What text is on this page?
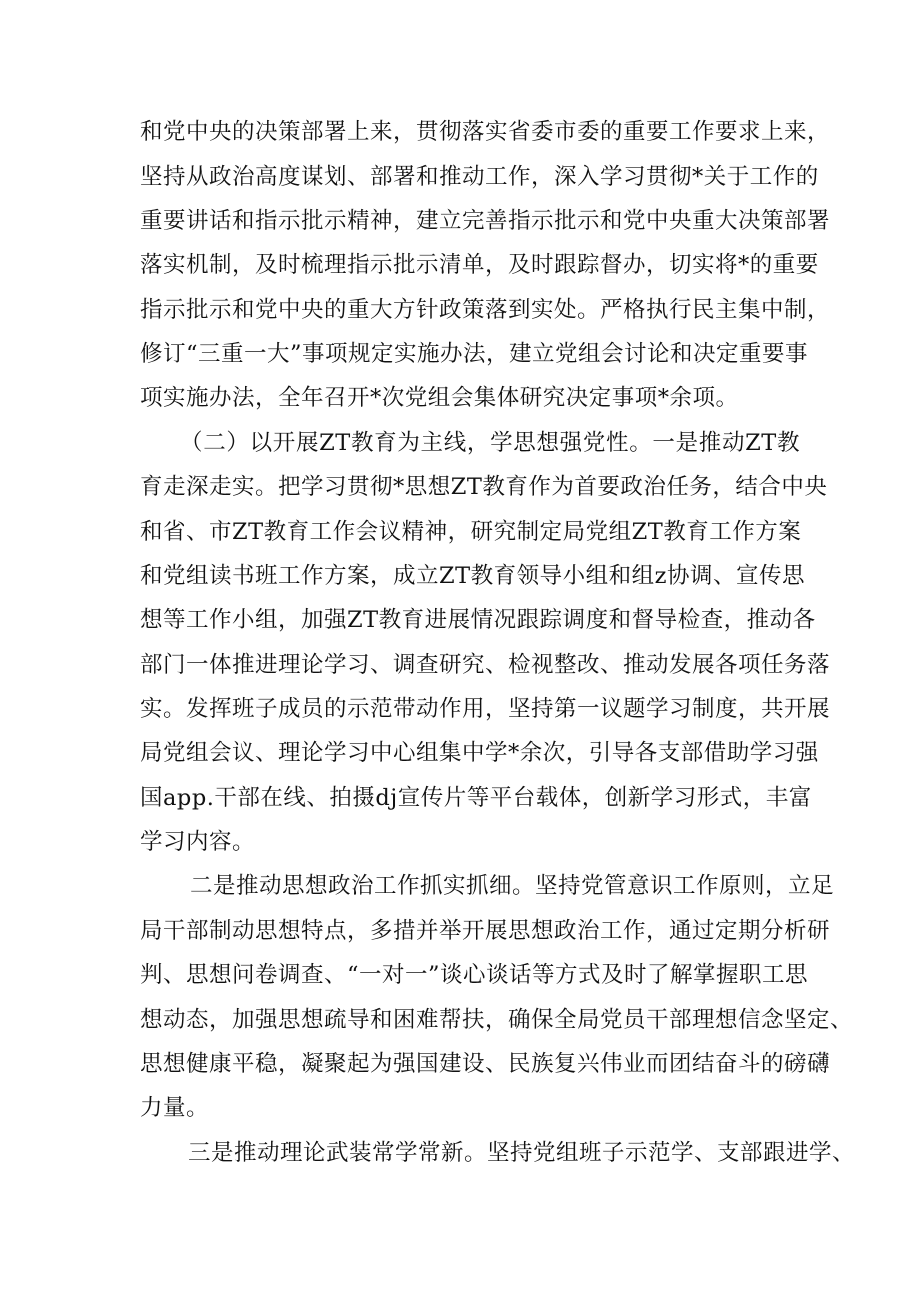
和党中央的决策部署上来，贯彻落实省委市委的重要工作要求上来，
坚持从政治高度谋划、部署和推动工作，深入学习贯彻*关于工作的
重要讲话和指示批示精神，建立完善指示批示和党中央重大决策部署
落实机制，及时梳理指示批示清单，及时跟踪督办，切实将*的重要
指示批示和党中央的重大方针政策落到实处。严格执行民主集中制，
修订“三重一大”事项规定实施办法，建立党组会讨论和决定重要事
项实施办法，全年召开*次党组会集体研究决定事项*余项。
（二）以开展ZT教育为主线，学思想强党性。一是推动ZT教
育走深走实。把学习贯彻*思想ZT教育作为首要政治任务，结合中央
和省、市ZT教育工作会议精神，研究制定局党组ZT教育工作方案
和党组读书班工作方案，成立ZT教育领导小组和组z协调、宣传思
想等工作小组，加强ZT教育进展情况跟踪调度和督导检查，推动各
部门一体推进理论学习、调查研究、检视整改、推动发展各项任务落
实。发挥班子成员的示范带动作用，坚持第一议题学习制度，共开展
局党组会议、理论学习中心组集中学*余次，引导各支部借助学习强
国app.干部在线、拍摄dj宣传片等平台载体，创新学习形式，丰富
学习内容。
二是推动思想政治工作抓实抓细。坚持党管意识工作原则，立足
局干部制动思想特点，多措并举开展思想政治工作，通过定期分析研
判、思想问卷调查、“一对一”谈心谈话等方式及时了解掌握职工思
想动态，加强思想疏导和困难帮扶，确保全局党员干部理想信念坚定、
思想健康平稳，凝聚起为强国建设、民族复兴伟业而团结奋斗的磅礴
力量。
三是推动理论武装常学常新。坚持党组班子示范学、支部跟进学、
